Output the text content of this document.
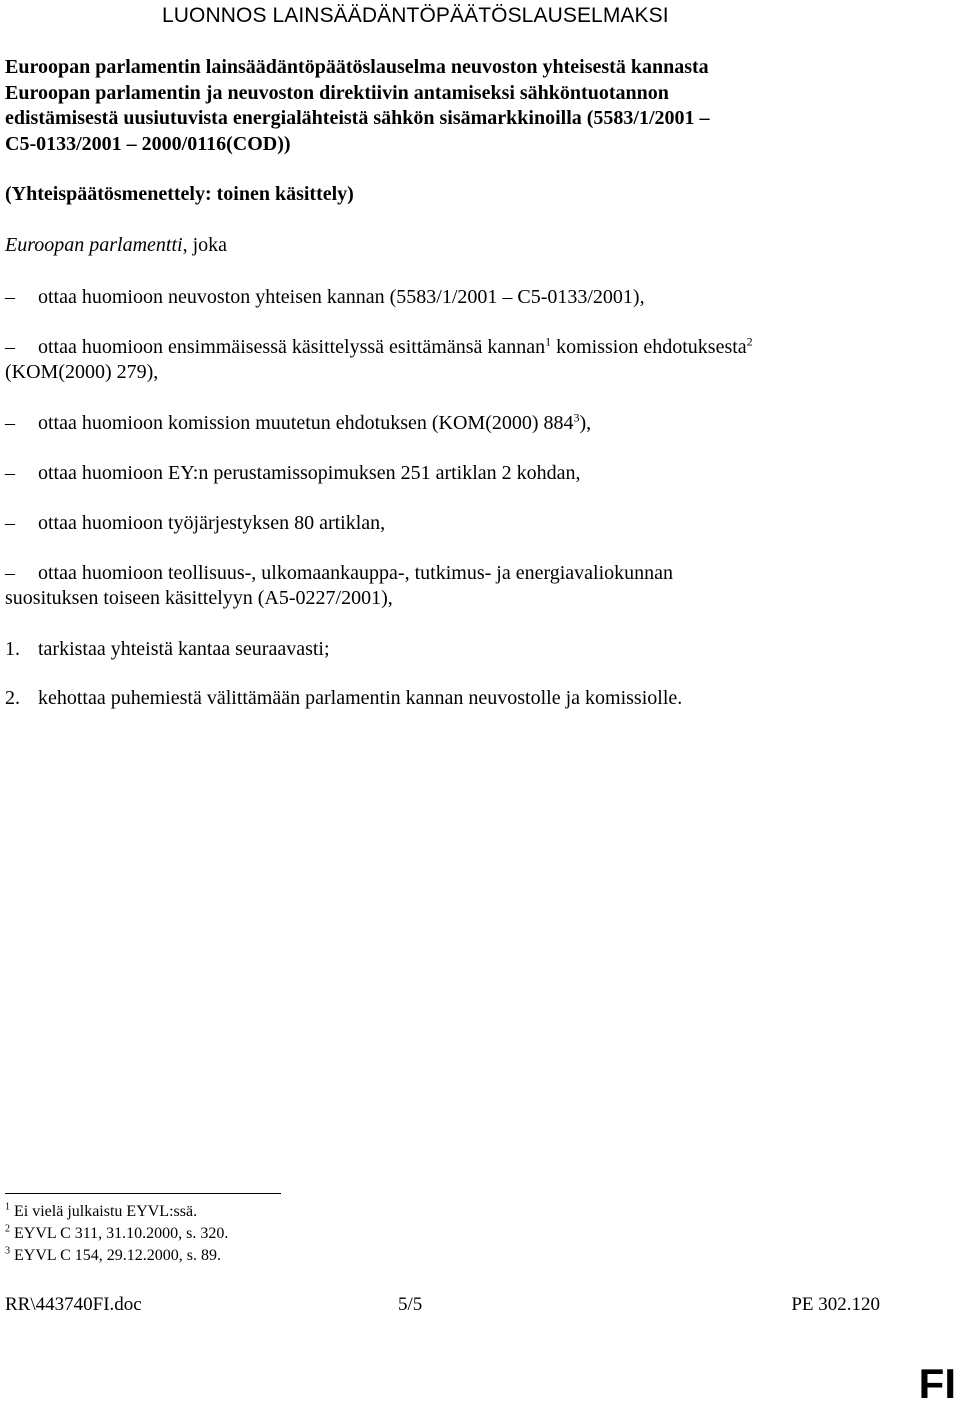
LUONNOS LAINSÄÄDÄNTÖPÄÄTÖSLAUSELMAKSI
Euroopan parlamentin lainsäädäntöpäätöslauselma neuvoston yhteisestä kannasta
Euroopan parlamentin ja neuvoston direktiivin antamiseksi sähköntuotannon
edistämisestä uusiutuvista energialähteistä sähkön sisämarkkinoilla (5583/1/2001 –
C5-0133/2001 – 2000/0116(COD))
(Yhteispäätösmenettely: toinen käsittely)
Euroopan parlamentti, joka
– ottaa huomioon neuvoston yhteisen kannan (5583/1/2001 – C5-0133/2001),
– ottaa huomioon ensimmäisessä käsittelyssä esittämänsä kannan$^1$ komission ehdotuksesta$^2$
(KOM(2000) 279),
– ottaa huomioon komission muutetun ehdotuksen (KOM(2000) $884^3$),
– ottaa huomioon EY:n perustamissopimuksen 251 artiklan 2 kohdan,
– ottaa huomioon työjärjestyksen 80 artiklan,
– ottaa huomioon teollisuus-, ulkomaankauppa-, tutkimus- ja energiavaliokunnan
suosituksen toiseen käsittelyyn (A5-0227/2001),
1. tarkistaa yhteistä kantaa seuraavasti;
2. kehottaa puhemiestä välittämään parlamentin kannan neuvostolle ja komissiolle.
$^1$ Ei vielä julkaistu EYVL:ssä.
$^2$ EYVL C 311, 31.10.2000, s. 320.
$^3$ EYVL C 154, 29.12.2000, s. 89.
RR\443740FI.doc	5/5	PE 302.120
FI
